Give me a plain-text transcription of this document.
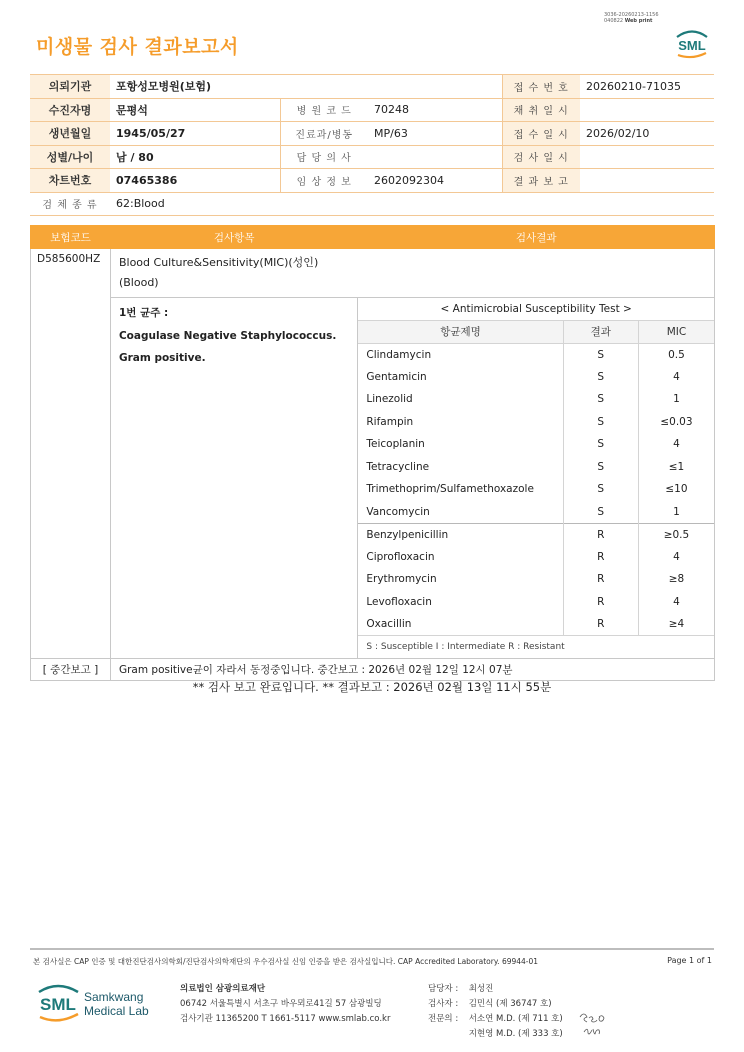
3036-20260213-1156
040822 Web print
미생물 검사 결과보고서	SML
의뢰기관	포항성모병원(보험)			접 수 번 호	20260210-71035
수진자명	문평석	병 원 코 드	70248	채 취 일 시	
생년월일	1945/05/27	진료과/병동	MP/63	접 수 일 시	2026/02/10
성별/나이	남 / 80	담 당 의 사		검 사 일 시	
차트번호	07465386	임 상 정 보	2602092304	결 과 보 고	
검 체 종 류	62:Blood				
보험코드	검사항목	검사결과
D585600HZ	Blood Culture&Sensitivity(MIC)(성인)
(Blood)

1번 균주 :
Coagulase Negative Staphylococcus.
Gram positive.

< Antimicrobial Susceptibility Test >
항균제명	결과	MIC
Clindamycin	S	0.5
Gentamicin	S	4
Linezolid	S	1
Rifampin	S	≤0.03
Teicoplanin	S	4
Tetracycline	S	≤1
Trimethoprim/Sulfamethoxazole	S	≤10
Vancomycin	S	1
Benzylpenicillin	R	≥0.5
Ciprofloxacin	R	4
Erythromycin	R	≥8
Levofloxacin	R	4
Oxacillin	R	≥4
S : Susceptible I : Intermediate R : Resistant

[ 중간보고 ]	Gram positive균이 자라서 동정중입니다. 중간보고 : 2026년 02월 12일 12시 07분
** 검사 보고 완료입니다. ** 결과보고 : 2026년 02월 13일 11시 55분
본 검사실은 CAP 인증 및 대한진단검사의학회/진단검사의학재단의 우수검사실 신임 인증을 받은 검사실입니다. CAP Accredited Laboratory. 69944-01	Page 1 of 1
SML Samkwang
Medical Lab
의료법인 삼광의료재단
06742 서울특별시 서초구 바우뫼로41길 57 삼광빌딩
검사기관 11365200 T 1661-5117 www.smlab.co.kr
담당자 : 최성진
검사자 : 김민식 (제 36747 호)
전문의 : 서소연 M.D. (제 711 호)
지현영 M.D. (제 333 호)
